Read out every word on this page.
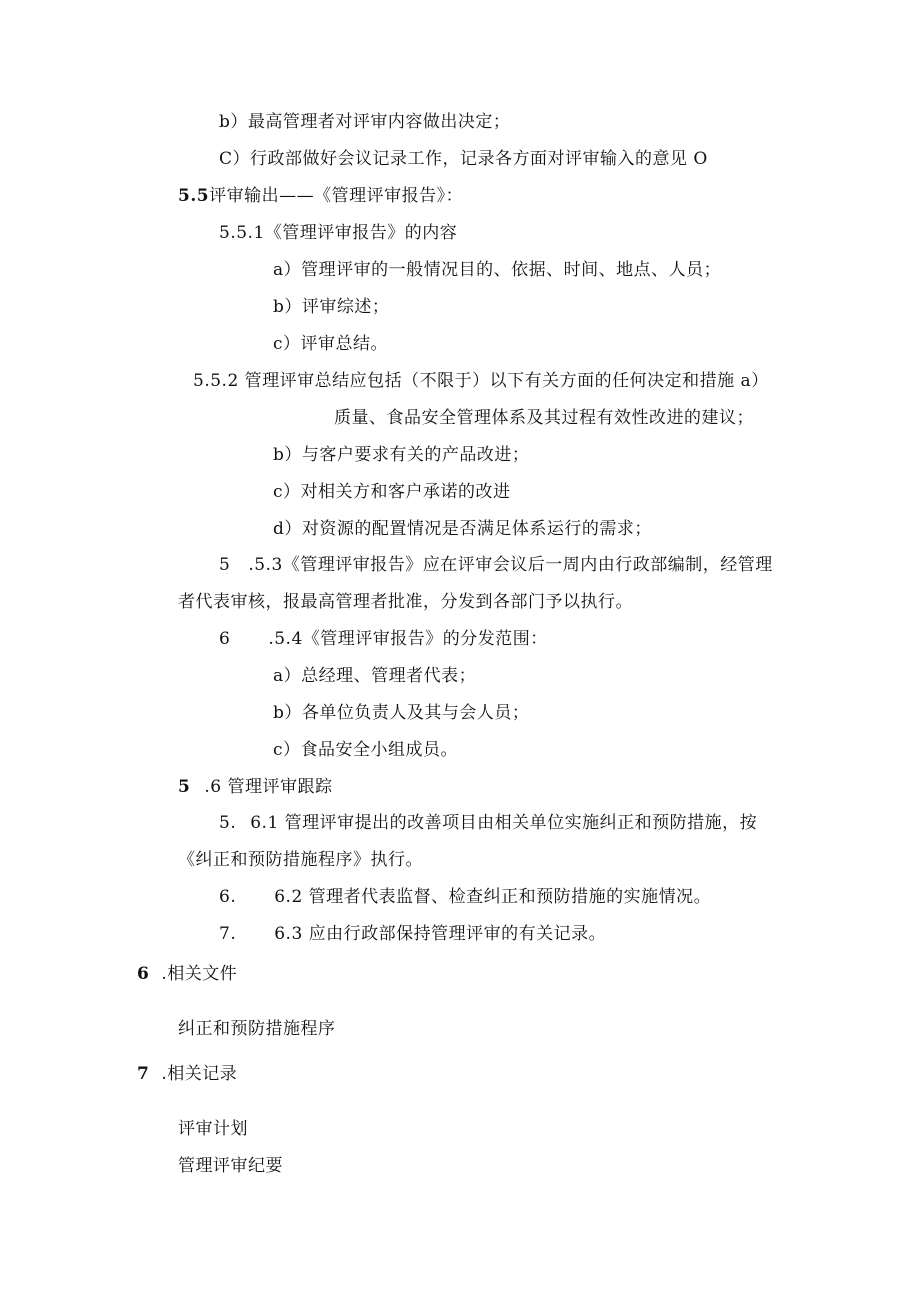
b）最高管理者对评审内容做出决定；
C）行政部做好会议记录工作，记录各方面对评审输入的意见 O
5.5评审输出——《管理评审报告》：
5.5.1《管理评审报告》的内容
a）管理评审的一般情况目的、依据、时间、地点、人员；
b）评审综述；
c）评审总结。
5.5.2 管理评审总结应包括（不限于）以下有关方面的任何决定和措施 a）
质量、食品安全管理体系及其过程有效性改进的建议；
b）与客户要求有关的产品改进；
c）对相关方和客户承诺的改进
d）对资源的配置情况是否满足体系运行的需求；
5 .5.3《管理评审报告》应在评审会议后一周内由行政部编制，经管理
者代表审核，报最高管理者批准，分发到各部门予以执行。
6 .5.4《管理评审报告》的分发范围：
a）总经理、管理者代表；
b）各单位负责人及其与会人员；
c）食品安全小组成员。
5 .6 管理评审跟踪
5. 6.1 管理评审提出的改善项目由相关单位实施纠正和预防措施，按
《纠正和预防措施程序》执行。
6. 6.2 管理者代表监督、检查纠正和预防措施的实施情况。
7. 6.3 应由行政部保持管理评审的有关记录。
6 .相关文件
纠正和预防措施程序
7 .相关记录
评审计划
管理评审纪要
